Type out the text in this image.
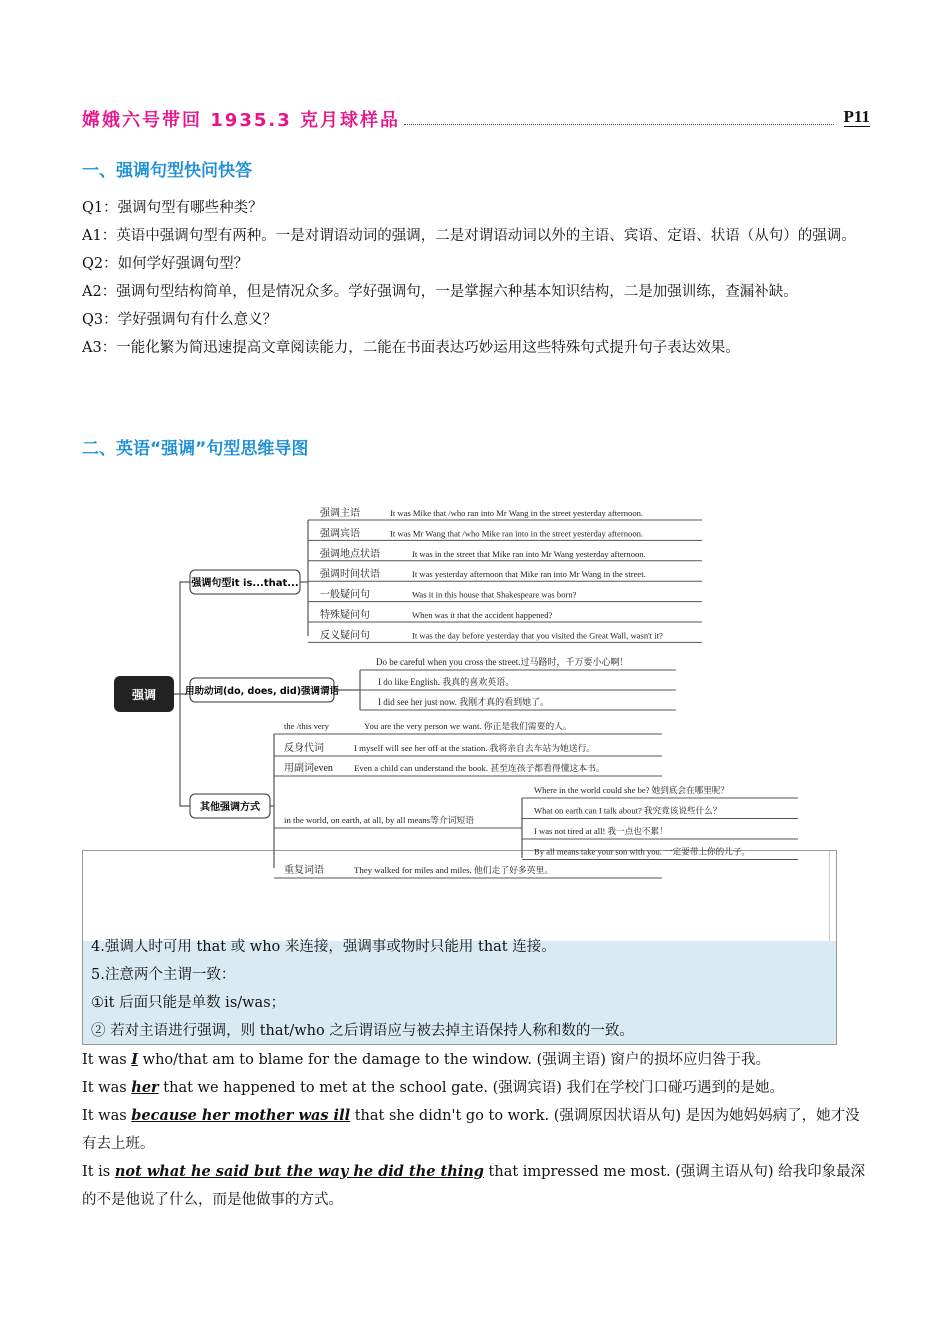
嫦娥六号带回 1935.3 克月球样品	P11
一、强调句型快问快答

Q1：强调句型有哪些种类？

A1：英语中强调句型有两种。一是对谓语动词的强调，二是对谓语动词以外的主语、宾语、定语、状语（从句）的强调。

Q2：如何学好强调句型？

A2：强调句型结构简单，但是情况众多。学好强调句，一是掌握六种基本知识结构，二是加强训练，查漏补缺。

Q3：学好强调句有什么意义？

A3：一能化繁为简迅速提高文章阅读能力，二能在书面表达巧妙运用这些特殊句式提升句子表达效果。

二、英语“强调”句型思维导图

4.强调人时可用 that 或 who 来连接，强调事或物时只能用 that 连接。

5.注意两个主谓一致：

①it 后面只能是单数 is/was；

② 若对主语进行强调，则 that/who 之后谓语应与被去掉主语保持人称和数的一致。

强调
强调句型it is...that...
用助动词(do, does, did)强调谓语
其他强调方式
强调主语	It was Mike that /who ran into Mr Wang in the street yesterday afternoon.
强调宾语	It was Mr Wang that /who Mike ran into in the street yesterday afternoon.
强调地点状语	It was in the street that Mike ran into Mr Wang yesterday afternoon.
强调时间状语	It was yesterday afternoon that Mike ran into Mr Wang in the street.
一般疑问句	Was it in this house that Shakespeare was born?
特殊疑问句	When was it that the accident happened?
反义疑问句	It was the day before yesterday that you visited the Great Wall, wasn't it?
Do be careful when you cross the street.过马路时，千万要小心啊！
I do like English. 我真的喜欢英语。
I did see her just now. 我刚才真的看到她了。
the /this very	You are the very person we want. 你正是我们需要的人。
反身代词	I myself will see her off at the station. 我将亲自去车站为她送行。
用副词even Even a child can understand the book. 甚至连孩子都看得懂这本书。
重复词语	They walked for miles and miles. 他们走了好多英里。
in the world, on earth, at all, by all means等介词短语
Where in the world could she be? 她到底会在哪里呢？
What on earth can I talk about? 我究竟该说些什么？
I was not tired at all! 我一点也不累！
By all means take your son with you. 一定要带上你的儿子。

It was I who/that am to blame for the damage to the window. (强调主语) 窗户的损坏应归咎于我。

It was her that we happened to met at the school gate. (强调宾语) 我们在学校门口碰巧遇到的是她。

It was because her mother was ill that she didn't go to work. (强调原因状语从句) 是因为她妈妈病了，她才没有去上班。

It is not what he said but the way he did the thing that impressed me most. (强调主语从句) 给我印象最深的不是他说了什么，而是他做事的方式。
